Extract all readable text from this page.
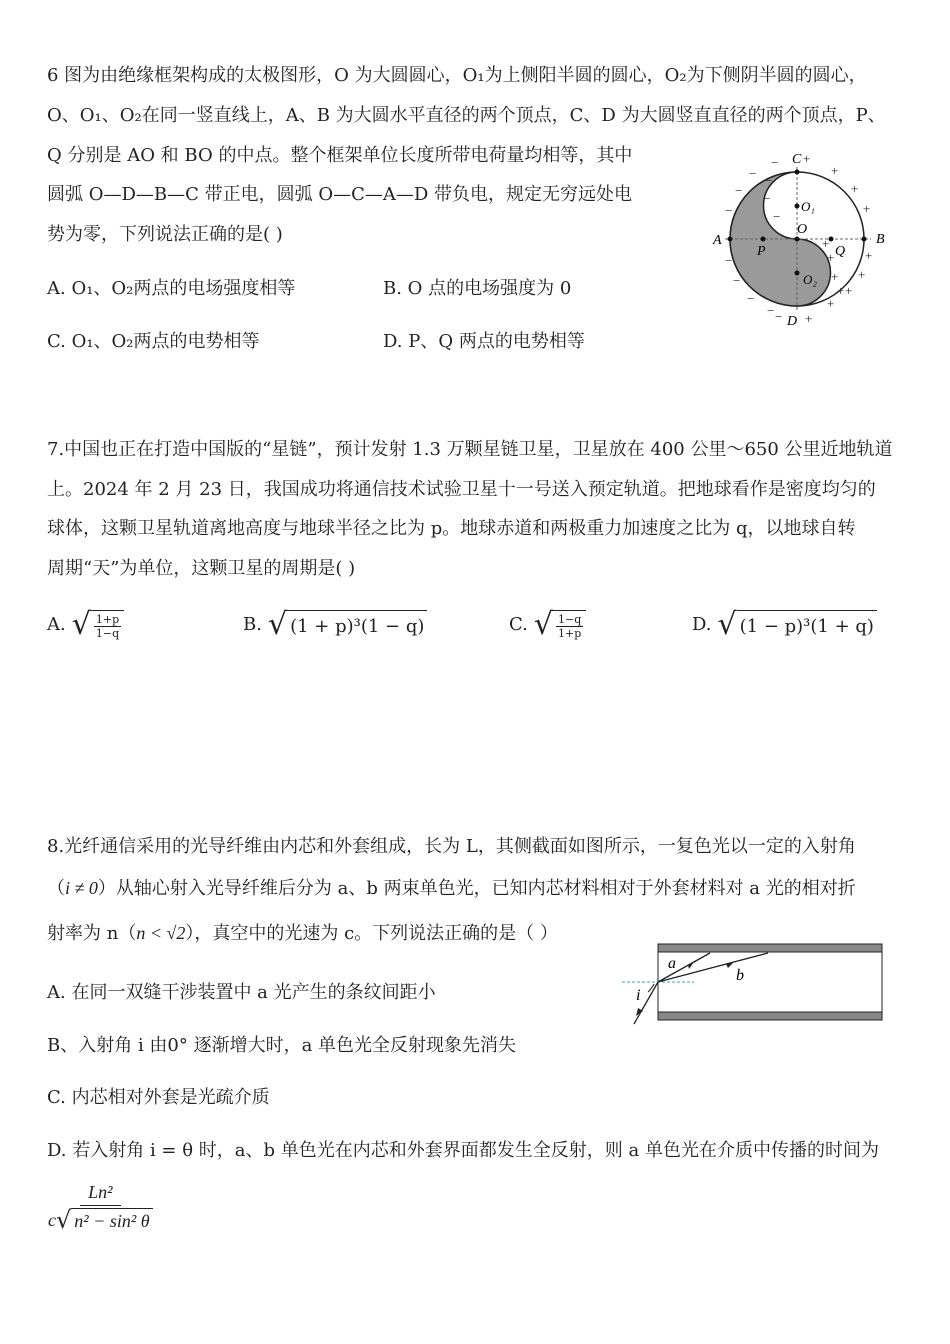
6 图为由绝缘框架构成的太极图形，O 为大圆圆心，O₁为上侧阳半圆的圆心，O₂为下侧阴半圆的圆心，
O、O₁、O₂在同一竖直线上，A、B 为大圆水平直径的两个顶点，C、D 为大圆竖直直径的两个顶点，P、
Q 分别是 AO 和 BO 的中点。整个框架单位长度所带电荷量均相等，其中
圆弧 O—D—B—C 带正电，圆弧 O—C—A—D 带负电，规定无穷远处电
势为零，下列说法正确的是( )
A. O₁、O₂两点的电场强度相等	B. O 点的电场强度为 0
C. O₁、O₂两点的电势相等	D. P、Q 两点的电势相等
A	B
C
D
O
O₁
O₂
P	Q
+
+
+
+
+
+
+
+
+
+
+
+
+
−
−
−
−
−
−
−
− −
−
−
−
7.中国也正在打造中国版的“星链”，预计发射 1.3 万颗星链卫星，卫星放在 400 公里～650 公里近地轨道
上。2024 年 2 月 23 日，我国成功将通信技术试验卫星十一号送入预定轨道。把地球看作是密度均匀的
球体，这颗卫星轨道离地高度与地球半径之比为 p。地球赤道和两极重力加速度之比为 q，以地球自转
周期“天”为单位，这颗卫星的周期是( )
A. √ $\frac{1+p}{1-q}$	B. √ (1 + p)³(1 − q)	C. √ $\frac{1-q}{1+p}$	D. √ (1 − p)³(1 + q)
8.光纤通信采用的光导纤维由内芯和外套组成，长为 L，其侧截面如图所示，一复色光以一定的入射角
（i ≠ 0）从轴心射入光导纤维后分为 a、b 两束单色光，已知内芯材料相对于外套材料对 a 光的相对折
射率为 n（n < √2），真空中的光速为 c。下列说法正确的是（ ）
A. 在同一双缝干涉装置中 a 光产生的条纹间距小
B、入射角 i 由0° 逐渐增大时，a 单色光全反射现象先消失
C. 内芯相对外套是光疏介质
D. 若入射角 i = θ 时，a、b 单色光在内芯和外套界面都发生全反射，则 a 单色光在介质中传播的时间为
$\frac{\text{Ln²}}{\text{c √ n² − sin² θ}}$
a
b
i
